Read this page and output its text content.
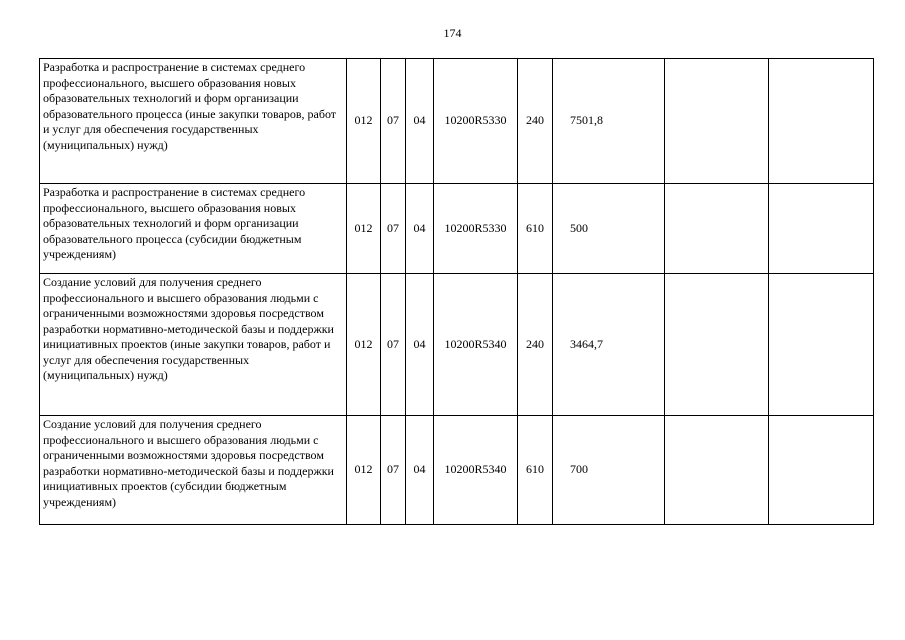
174
Разработка и распространение в системах среднего профессионального, высшего образования новых образовательных технологий и форм организации образовательного процесса (иные закупки товаров, работ и услуг для обеспечения государственных (муниципальных) нужд)	012	07	04	10200R5330	240	7501,8		
Разработка и распространение в системах среднего профессионального, высшего образования новых образовательных технологий и форм организации образовательного процесса (субсидии бюджетным учреждениям)	012	07	04	10200R5330	610	500		
Создание условий для получения среднего профессионального и высшего образования людьми с ограниченными возможностями здоровья посредством разработки нормативно-методической базы и поддержки инициативных проектов (иные закупки товаров, работ и услуг для обеспечения государственных (муниципальных) нужд)	012	07	04	10200R5340	240	3464,7		
Создание условий для получения среднего профессионального и высшего образования людьми с ограниченными возможностями здоровья посредством разработки нормативно-методической базы и поддержки инициативных проектов (субсидии бюджетным учреждениям)	012	07	04	10200R5340	610	700		
